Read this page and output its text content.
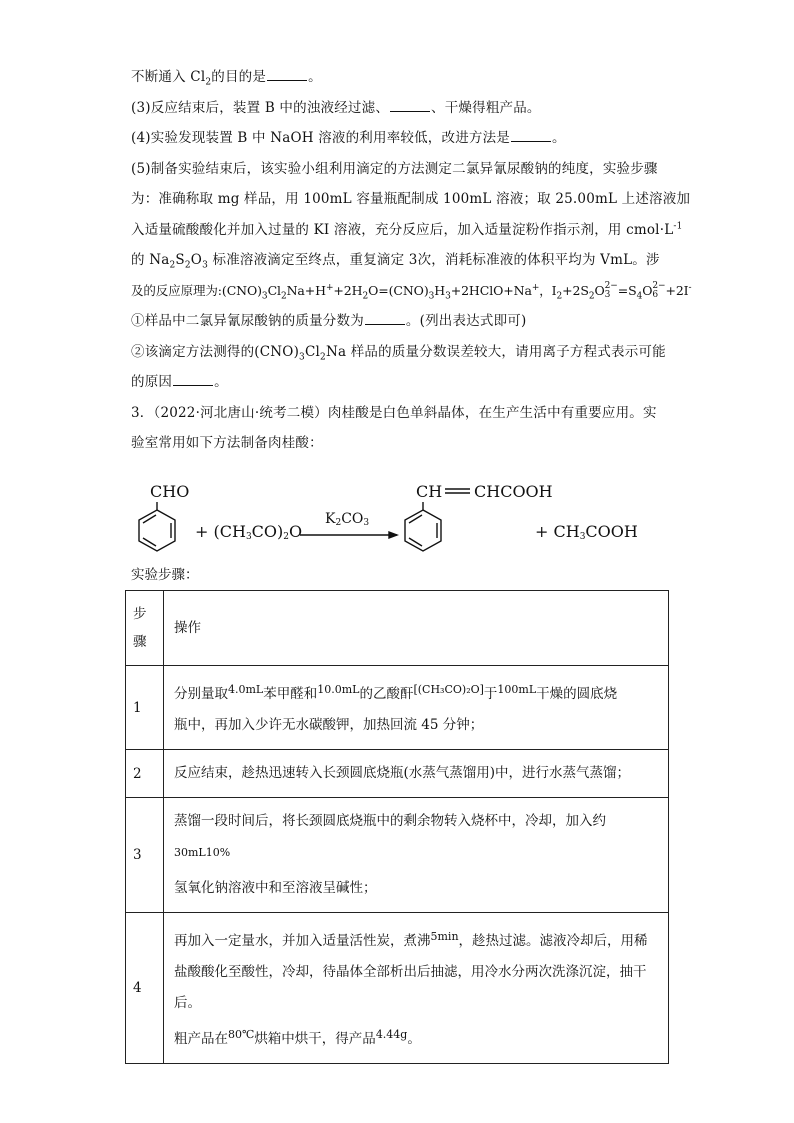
不断通入 $Cl_2$的目的是	。

(3)反应结束后，装置 B 中的浊液经过滤、	、干燥得粗产品。

(4)实验发现装置 B 中 NaOH 溶液的利用率较低，改进方法是	。

(5)制备实验结束后，该实验小组利用滴定的方法测定二氯异氰尿酸钠的纯度，实验步骤

为：准确称取 mg 样品，用 100mL 容量瓶配制成 100mL 溶液；取 25.00mL 上述溶液加

入适量硫酸酸化并加入过量的 KI 溶液，充分反应后，加入适量淀粉作指示剂，用 $cmol\cdot L^{-1}$

的 $Na_2S_2O_3$ 标准溶液滴定至终点，重复滴定 3次，消耗标准液的体积平均为 VmL。涉

及的反应原理为$:(CNO)_3Cl_2Na+H^++2H_2O=(CNO)_3H_3+2HClO+Na^+$，$I_2+2S_2O$ 2−
$3 =S_4O$ 2−
6 +2I-

①样品中二氯异氰尿酸钠的质量分数为	。(列出表达式即可)

②该滴定方法测得的$(CNO)_3Cl_2Na$ 样品的质量分数误差较大，请用离子方程式表示可能

的原因	。

3．（2022·河北唐山·统考二模）肉桂酸是白色单斜晶体，在生产生活中有重要应用。实

验室常用如下方法制备肉桂酸：

CHO
+ $(CH_3CO)_2O$
$K_2CO_3$
CH CHCOOH
+ $CH_3COOH$
实验步骤：
步骤	操作
1	分别量取$^{4.0mL}$苯甲醛和$^{10.0mL}$的乙酸酐[(CH₃CO)₂O]于$^{100mL}$干燥的圆底烧
瓶中，再加入少许无水碳酸钾，加热回流 45 分钟；
2	反应结束，趁热迅速转入长颈圆底烧瓶(水蒸气蒸馏用)中，进行水蒸气蒸馏；
3	蒸馏一段时间后，将长颈圆底烧瓶中的剩余物转入烧杯中，冷却，加入约$^{30mL10\%}$
氢氧化钠溶液中和至溶液呈碱性；
4	再加入一定量水，并加入适量活性炭，煮沸$^{5min}$，趁热过滤。滤液冷却后，用稀
盐酸酸化至酸性，冷却，待晶体全部析出后抽滤，用冷水分两次洗涤沉淀，抽干后。
粗产品在$^{80℃}$烘箱中烘干，得产品$^{4.44g}$。
